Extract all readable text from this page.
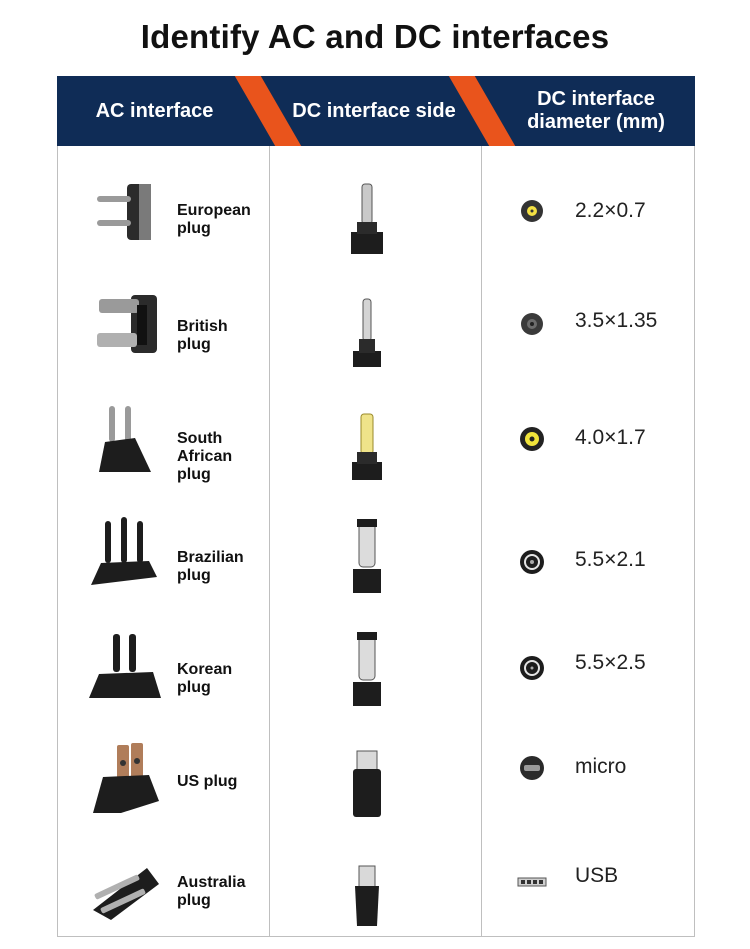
Identify AC and DC interfaces
AC interface	DC interface side
DC interface
diameter (mm)
European
plug
2.2×0.7
British
plug
3.5×1.35
South
African
plug
4.0×1.7
Brazilian
plug
5.5×2.1
Korean
plug
5.5×2.5
US plug
micro
Australia
plug
USB
